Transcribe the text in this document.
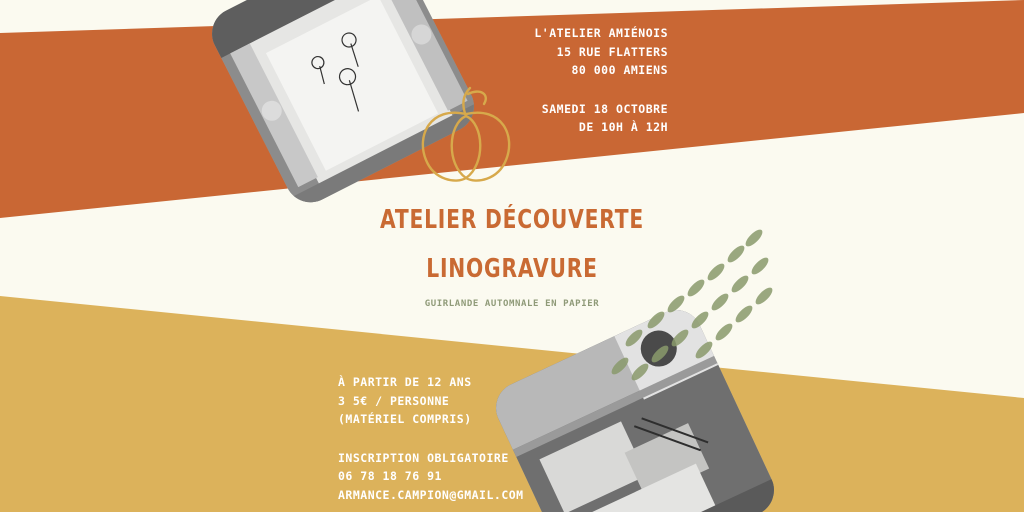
L'ATELIER AMIÉNOIS
15 RUE FLATTERS
80 000 AMIENS
SAMEDI 18 OCTOBRE
DE 10H À 12H
ATELIER DÉCOUVERTE
LINOGRAVURE
GUIRLANDE AUTOMNALE EN PAPIER
À PARTIR DE 12 ANS
3 5€ / PERSONNE
(MATÉRIEL COMPRIS)
INSCRIPTION OBLIGATOIRE
06 78 18 76 91
ARMANCE.CAMPION@GMAIL.COM
